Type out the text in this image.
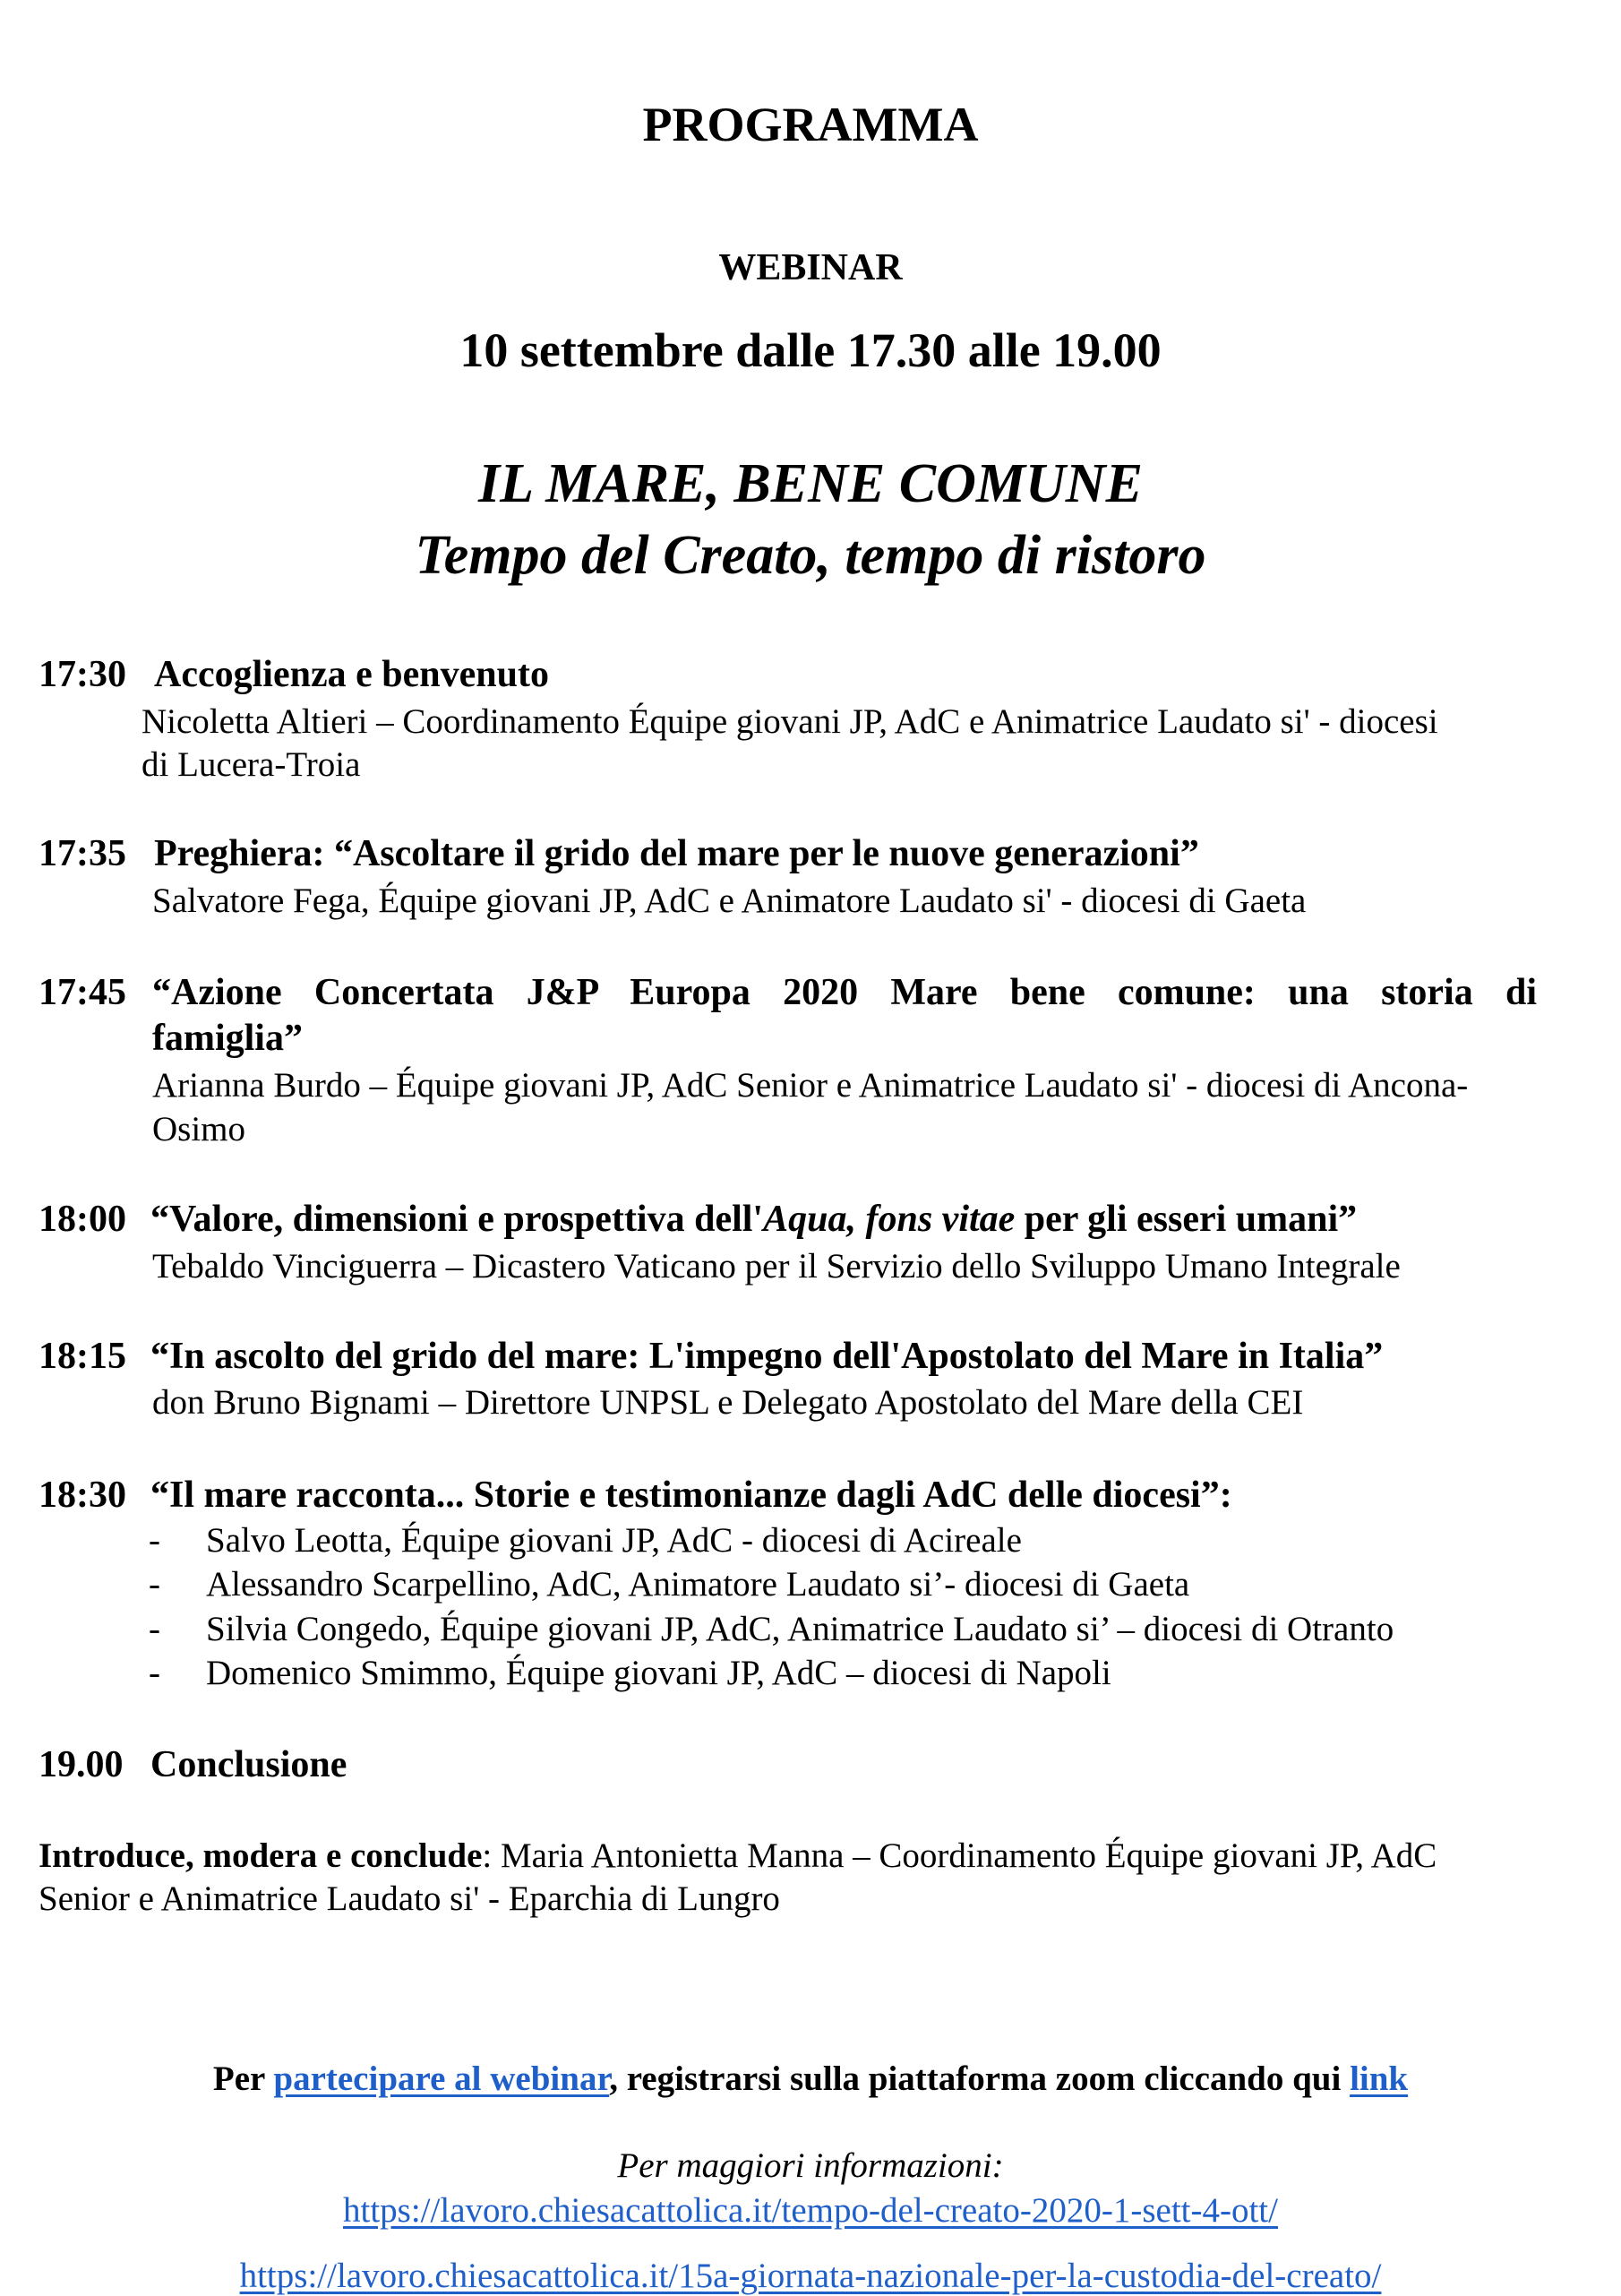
PROGRAMMA
WEBINAR
10 settembre dalle 17.30 alle 19.00
IL MARE, BENE COMUNE
Tempo del Creato, tempo di ristoro
17:30 Accoglienza e benvenuto
Nicoletta Altieri – Coordinamento Équipe giovani JP, AdC e Animatrice Laudato si' - diocesi
di Lucera-Troia
17:35 Preghiera: “Ascoltare il grido del mare per le nuove generazioni”
Salvatore Fega, Équipe giovani JP, AdC e Animatore Laudato si' - diocesi di Gaeta
17:45 “Azione Concertata J&P Europa 2020 Mare bene comune: una storia di
famiglia”
Arianna Burdo – Équipe giovani JP, AdC Senior e Animatrice Laudato si' - diocesi di Ancona-
Osimo
18:00 “Valore, dimensioni e prospettiva dell'Aqua, fons vitae per gli esseri umani”
Tebaldo Vinciguerra – Dicastero Vaticano per il Servizio dello Sviluppo Umano Integrale
18:15 “In ascolto del grido del mare: L'impegno dell'Apostolato del Mare in Italia”
don Bruno Bignami – Direttore UNPSL e Delegato Apostolato del Mare della CEI
18:30 “Il mare racconta... Storie e testimonianze dagli AdC delle diocesi”:
- Salvo Leotta, Équipe giovani JP, AdC - diocesi di Acireale
- Alessandro Scarpellino, AdC, Animatore Laudato si’- diocesi di Gaeta
- Silvia Congedo, Équipe giovani JP, AdC, Animatrice Laudato si’ – diocesi di Otranto
- Domenico Smimmo, Équipe giovani JP, AdC – diocesi di Napoli
19.00 Conclusione
Introduce, modera e conclude: Maria Antonietta Manna – Coordinamento Équipe giovani JP, AdC
Senior e Animatrice Laudato si' - Eparchia di Lungro
Per partecipare al webinar, registrarsi sulla piattaforma zoom cliccando qui link
Per maggiori informazioni:
https://lavoro.chiesacattolica.it/tempo-del-creato-2020-1-sett-4-ott/
https://lavoro.chiesacattolica.it/15a-giornata-nazionale-per-la-custodia-del-creato/
